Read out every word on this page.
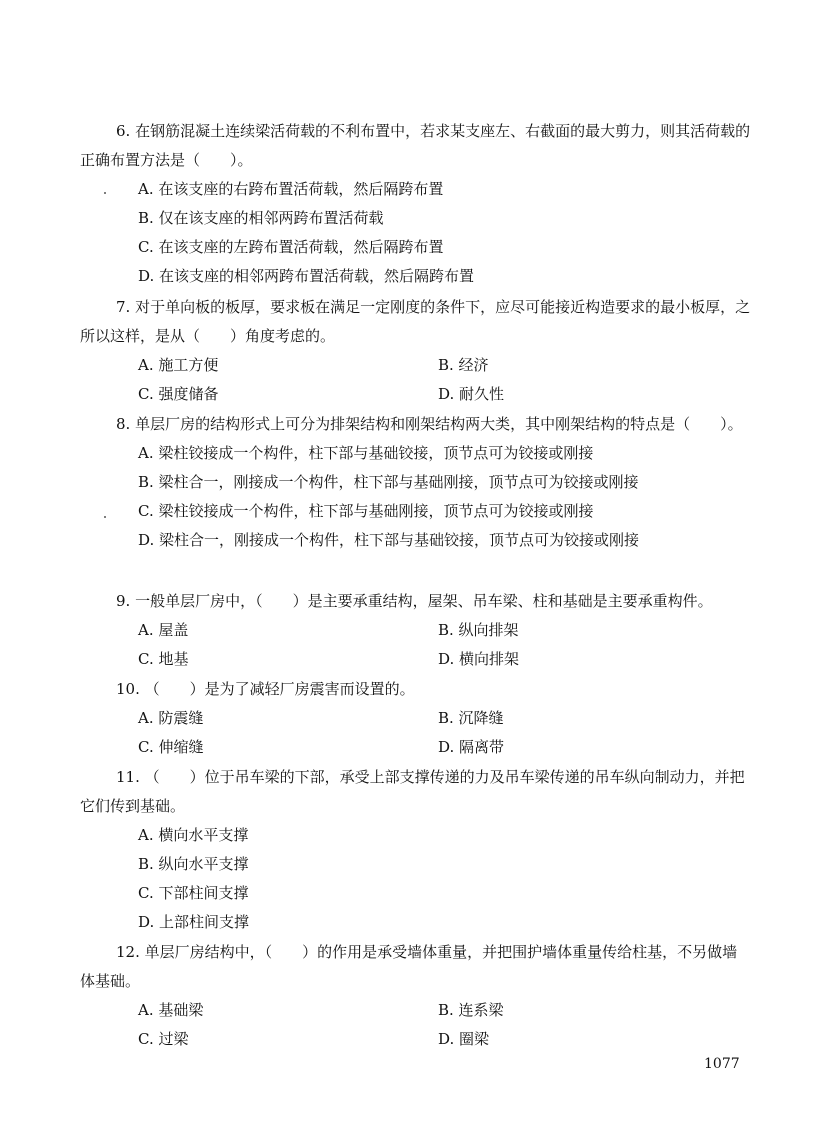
6. 在钢筋混凝土连续梁活荷载的不利布置中，若求某支座左、右截面的最大剪力，则其活荷载的正确布置方法是（　　）。

A. 在该支座的右跨布置活荷载，然后隔跨布置
B. 仅在该支座的相邻两跨布置活荷载
C. 在该支座的左跨布置活荷载，然后隔跨布置
D. 在该支座的相邻两跨布置活荷载，然后隔跨布置

7. 对于单向板的板厚，要求板在满足一定刚度的条件下，应尽可能接近构造要求的最小板厚，之所以这样，是从（　　）角度考虑的。

A. 施工方便	B. 经济
C. 强度储备	D. 耐久性

8. 单层厂房的结构形式上可分为排架结构和刚架结构两大类，其中刚架结构的特点是（　　）。

A. 梁柱铰接成一个构件，柱下部与基础铰接，顶节点可为铰接或刚接
B. 梁柱合一，刚接成一个构件，柱下部与基础刚接，顶节点可为铰接或刚接
C. 梁柱铰接成一个构件，柱下部与基础刚接，顶节点可为铰接或刚接
D. 梁柱合一，刚接成一个构件，柱下部与基础铰接，顶节点可为铰接或刚接

9. 一般单层厂房中，（　　）是主要承重结构，屋架、吊车梁、柱和基础是主要承重构件。

A. 屋盖	B. 纵向排架
C. 地基	D. 横向排架

10. （　　）是为了减轻厂房震害而设置的。

A. 防震缝	B. 沉降缝
C. 伸缩缝	D. 隔离带

11. （　　）位于吊车梁的下部，承受上部支撑传递的力及吊车梁传递的吊车纵向制动力，并把它们传到基础。

A. 横向水平支撑
B. 纵向水平支撑
C. 下部柱间支撑
D. 上部柱间支撑

12. 单层厂房结构中，（　　）的作用是承受墙体重量，并把围护墙体重量传给柱基，不另做墙体基础。

A. 基础梁	B. 连系梁
C. 过梁	D. 圈梁
1077
